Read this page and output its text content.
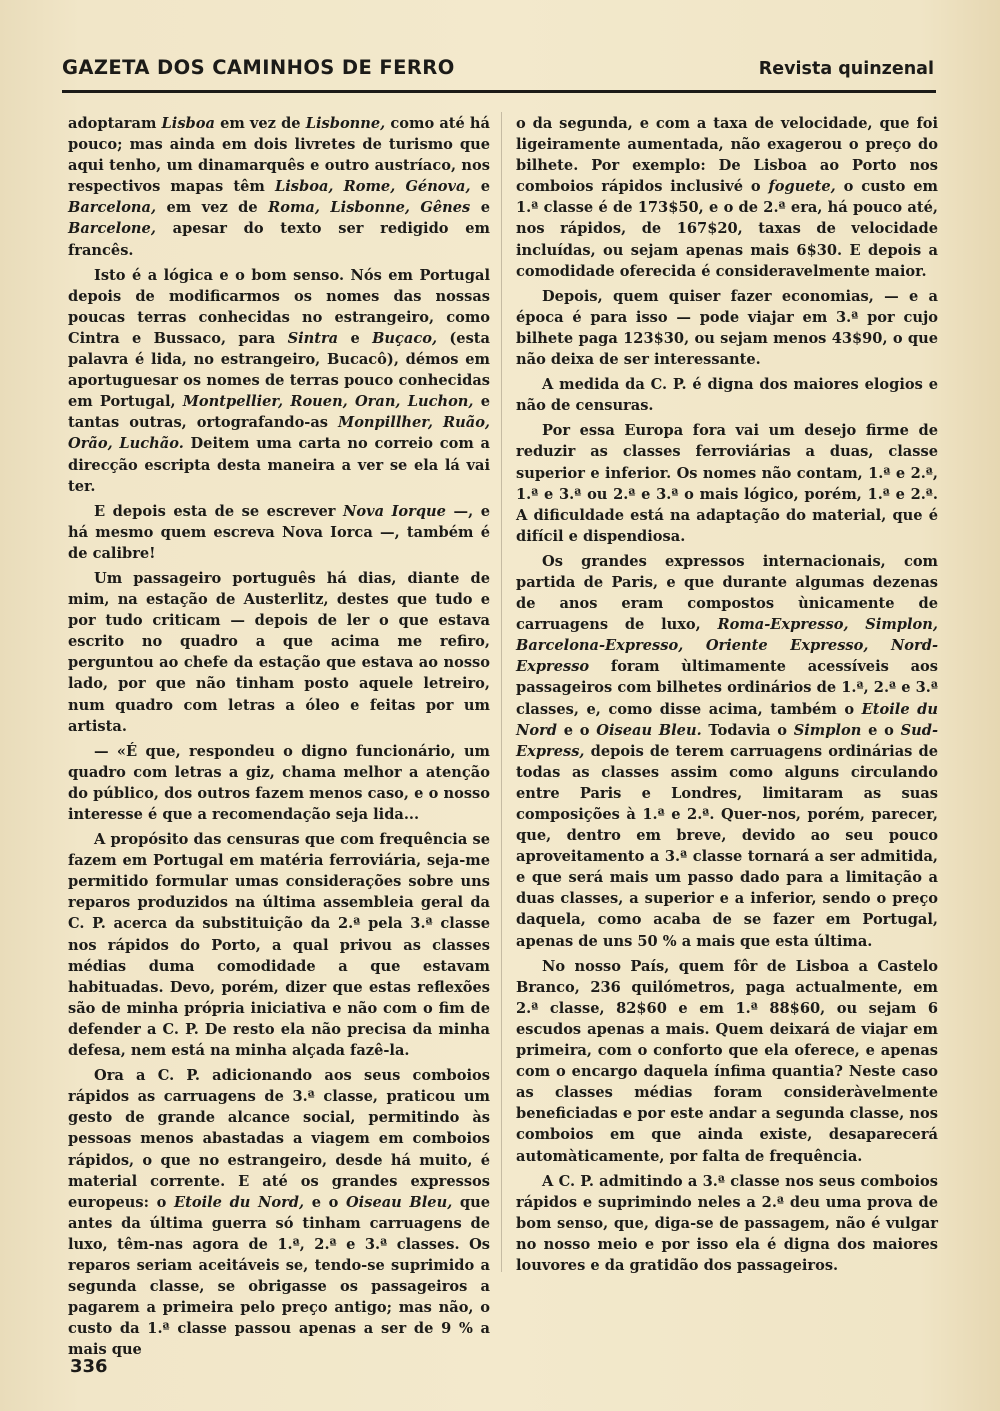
GAZETA DOS CAMINHOS DE FERRO	Revista quinzenal

adoptaram Lisboa em vez de Lisbonne, como até há pouco; mas ainda em dois livretes de turismo que aqui tenho, um dinamarquês e outro austríaco, nos respectivos mapas têm Lisboa, Rome, Génova, e Barcelona, em vez de Roma, Lisbonne, Gênes e Barcelone, apesar do texto ser redigido em francês.

Isto é a lógica e o bom senso. Nós em Portugal depois de modificarmos os nomes das nossas poucas terras conhecidas no estrangeiro, como Cintra e Bussaco, para Sintra e Buçaco, (esta palavra é lida, no estrangeiro, Bucacô), démos em aportuguesar os nomes de terras pouco conhecidas em Portugal, Montpellier, Rouen, Oran, Luchon, e tantas outras, ortografando-as Monpillher, Ruão, Orão, Luchão. Deitem uma carta no correio com a direcção escripta desta maneira a ver se ela lá vai ter.

E depois esta de se escrever Nova Iorque —, e há mesmo quem escreva Nova Iorca —, também é de calibre!

Um passageiro português há dias, diante de mim, na estação de Austerlitz, destes que tudo e por tudo criticam — depois de ler o que estava escrito no quadro a que acima me refiro, perguntou ao chefe da estação que estava ao nosso lado, por que não tinham posto aquele letreiro, num quadro com letras a óleo e feitas por um artista.

— «É que, respondeu o digno funcionário, um quadro com letras a giz, chama melhor a atenção do público, dos outros fazem menos caso, e o nosso interesse é que a recomendação seja lida...

A propósito das censuras que com frequência se fazem em Portugal em matéria ferroviária, seja-me permitido formular umas considerações sobre uns reparos produzidos na última assembleia geral da C. P. acerca da substituição da 2.ª pela 3.ª classe nos rápidos do Porto, a qual privou as classes médias duma comodidade a que estavam habituadas. Devo, porém, dizer que estas reflexões são de minha própria iniciativa e não com o fim de defender a C. P. De resto ela não precisa da minha defesa, nem está na minha alçada fazê-la.

Ora a C. P. adicionando aos seus comboios rápidos as carruagens de 3.ª classe, praticou um gesto de grande alcance social, permitindo às pessoas menos abastadas a viagem em comboios rápidos, o que no estrangeiro, desde há muito, é material corrente. E até os grandes expressos europeus: o Etoile du Nord, e o Oiseau Bleu, que antes da última guerra só tinham carruagens de luxo, têm-nas agora de 1.ª, 2.ª e 3.ª classes. Os reparos seriam aceitáveis se, tendo-se suprimido a segunda classe, se obrigasse os passageiros a pagarem a primeira pelo preço antigo; mas não, o custo da 1.ª classe passou apenas a ser de 9 % a mais que

o da segunda, e com a taxa de velocidade, que foi ligeiramente aumentada, não exagerou o preço do bilhete. Por exemplo: De Lisboa ao Porto nos comboios rápidos inclusivé o foguete, o custo em 1.ª classe é de 173$50, e o de 2.ª era, há pouco até, nos rápidos, de 167$20, taxas de velocidade incluídas, ou sejam apenas mais 6$30. E depois a comodidade oferecida é consideravelmente maior.

Depois, quem quiser fazer economias, — e a época é para isso — pode viajar em 3.ª por cujo bilhete paga 123$30, ou sejam menos 43$90, o que não deixa de ser interessante.

A medida da C. P. é digna dos maiores elogios e não de censuras.

Por essa Europa fora vai um desejo firme de reduzir as classes ferroviárias a duas, classe superior e inferior. Os nomes não contam, 1.ª e 2.ª, 1.ª e 3.ª ou 2.ª e 3.ª o mais lógico, porém, 1.ª e 2.ª. A dificuldade está na adaptação do material, que é difícil e dispendiosa.

Os grandes expressos internacionais, com partida de Paris, e que durante algumas dezenas de anos eram compostos ùnicamente de carruagens de luxo, Roma-Expresso, Simplon, Barcelona-Expresso, Oriente Expresso, Nord-Expresso foram ùltimamente acessíveis aos passageiros com bilhetes ordinários de 1.ª, 2.ª e 3.ª classes, e, como disse acima, também o Etoile du Nord e o Oiseau Bleu. Todavia o Simplon e o Sud-Express, depois de terem carruagens ordinárias de todas as classes assim como alguns circulando entre Paris e Londres, limitaram as suas composições à 1.ª e 2.ª. Quer-nos, porém, parecer, que, dentro em breve, devido ao seu pouco aproveitamento a 3.ª classe tornará a ser admitida, e que será mais um passo dado para a limitação a duas classes, a superior e a inferior, sendo o preço daquela, como acaba de se fazer em Portugal, apenas de uns 50 % a mais que esta última.

No nosso País, quem fôr de Lisboa a Castelo Branco, 236 quilómetros, paga actualmente, em 2.ª classe, 82$60 e em 1.ª 88$60, ou sejam 6 escudos apenas a mais. Quem deixará de viajar em primeira, com o conforto que ela oferece, e apenas com o encargo daquela ínfima quantia? Neste caso as classes médias foram consideràvelmente beneficiadas e por este andar a segunda classe, nos comboios em que ainda existe, desaparecerá automàticamente, por falta de frequência.

A C. P. admitindo a 3.ª classe nos seus comboios rápidos e suprimindo neles a 2.ª deu uma prova de bom senso, que, diga-se de passagem, não é vulgar no nosso meio e por isso ela é digna dos maiores louvores e da gratidão dos passageiros.

336
